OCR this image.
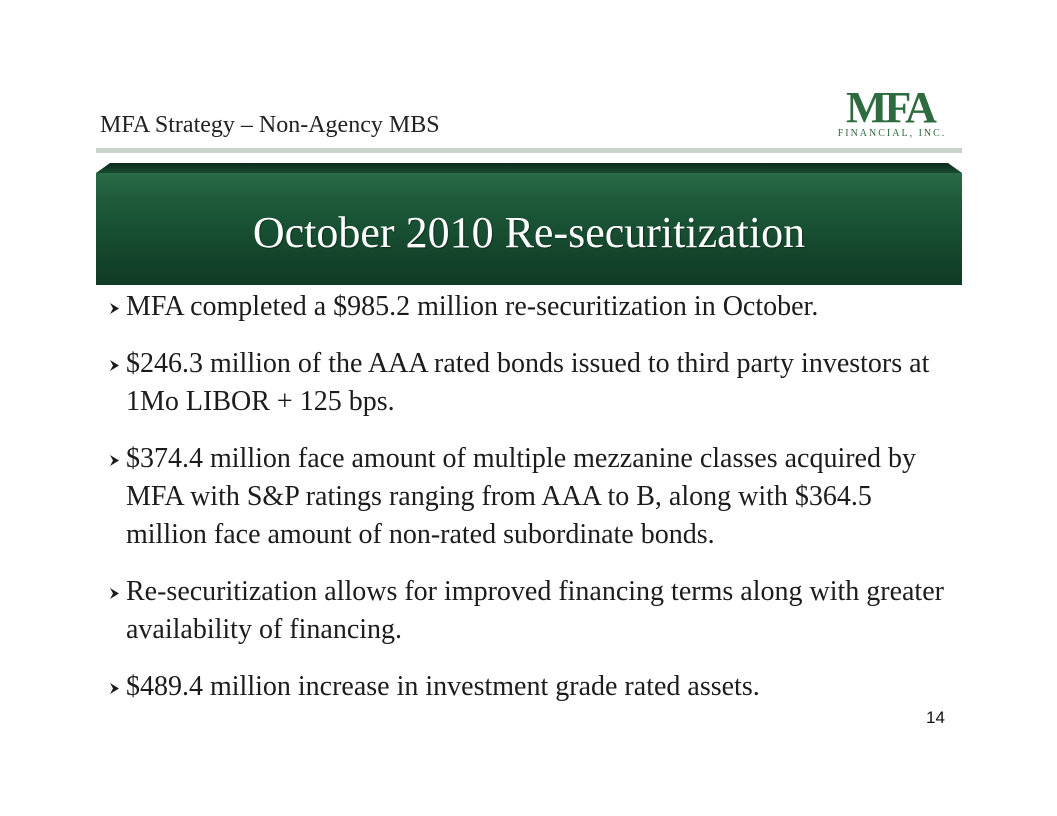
MFA Strategy – Non-Agency MBS	MFA
FINANCIAL, INC.
October 2010 Re-securitization
MFA completed a $985.2 million re-securitization in October.
$246.3 million of the AAA rated bonds issued to third party investors at 1Mo LIBOR + 125 bps.
$374.4 million face amount of multiple mezzanine classes acquired by MFA with S&P ratings ranging from AAA to B, along with $364.5 million face amount of non-rated subordinate bonds.
Re-securitization allows for improved financing terms along with greater availability of financing.
$489.4 million increase in investment grade rated assets.
14
